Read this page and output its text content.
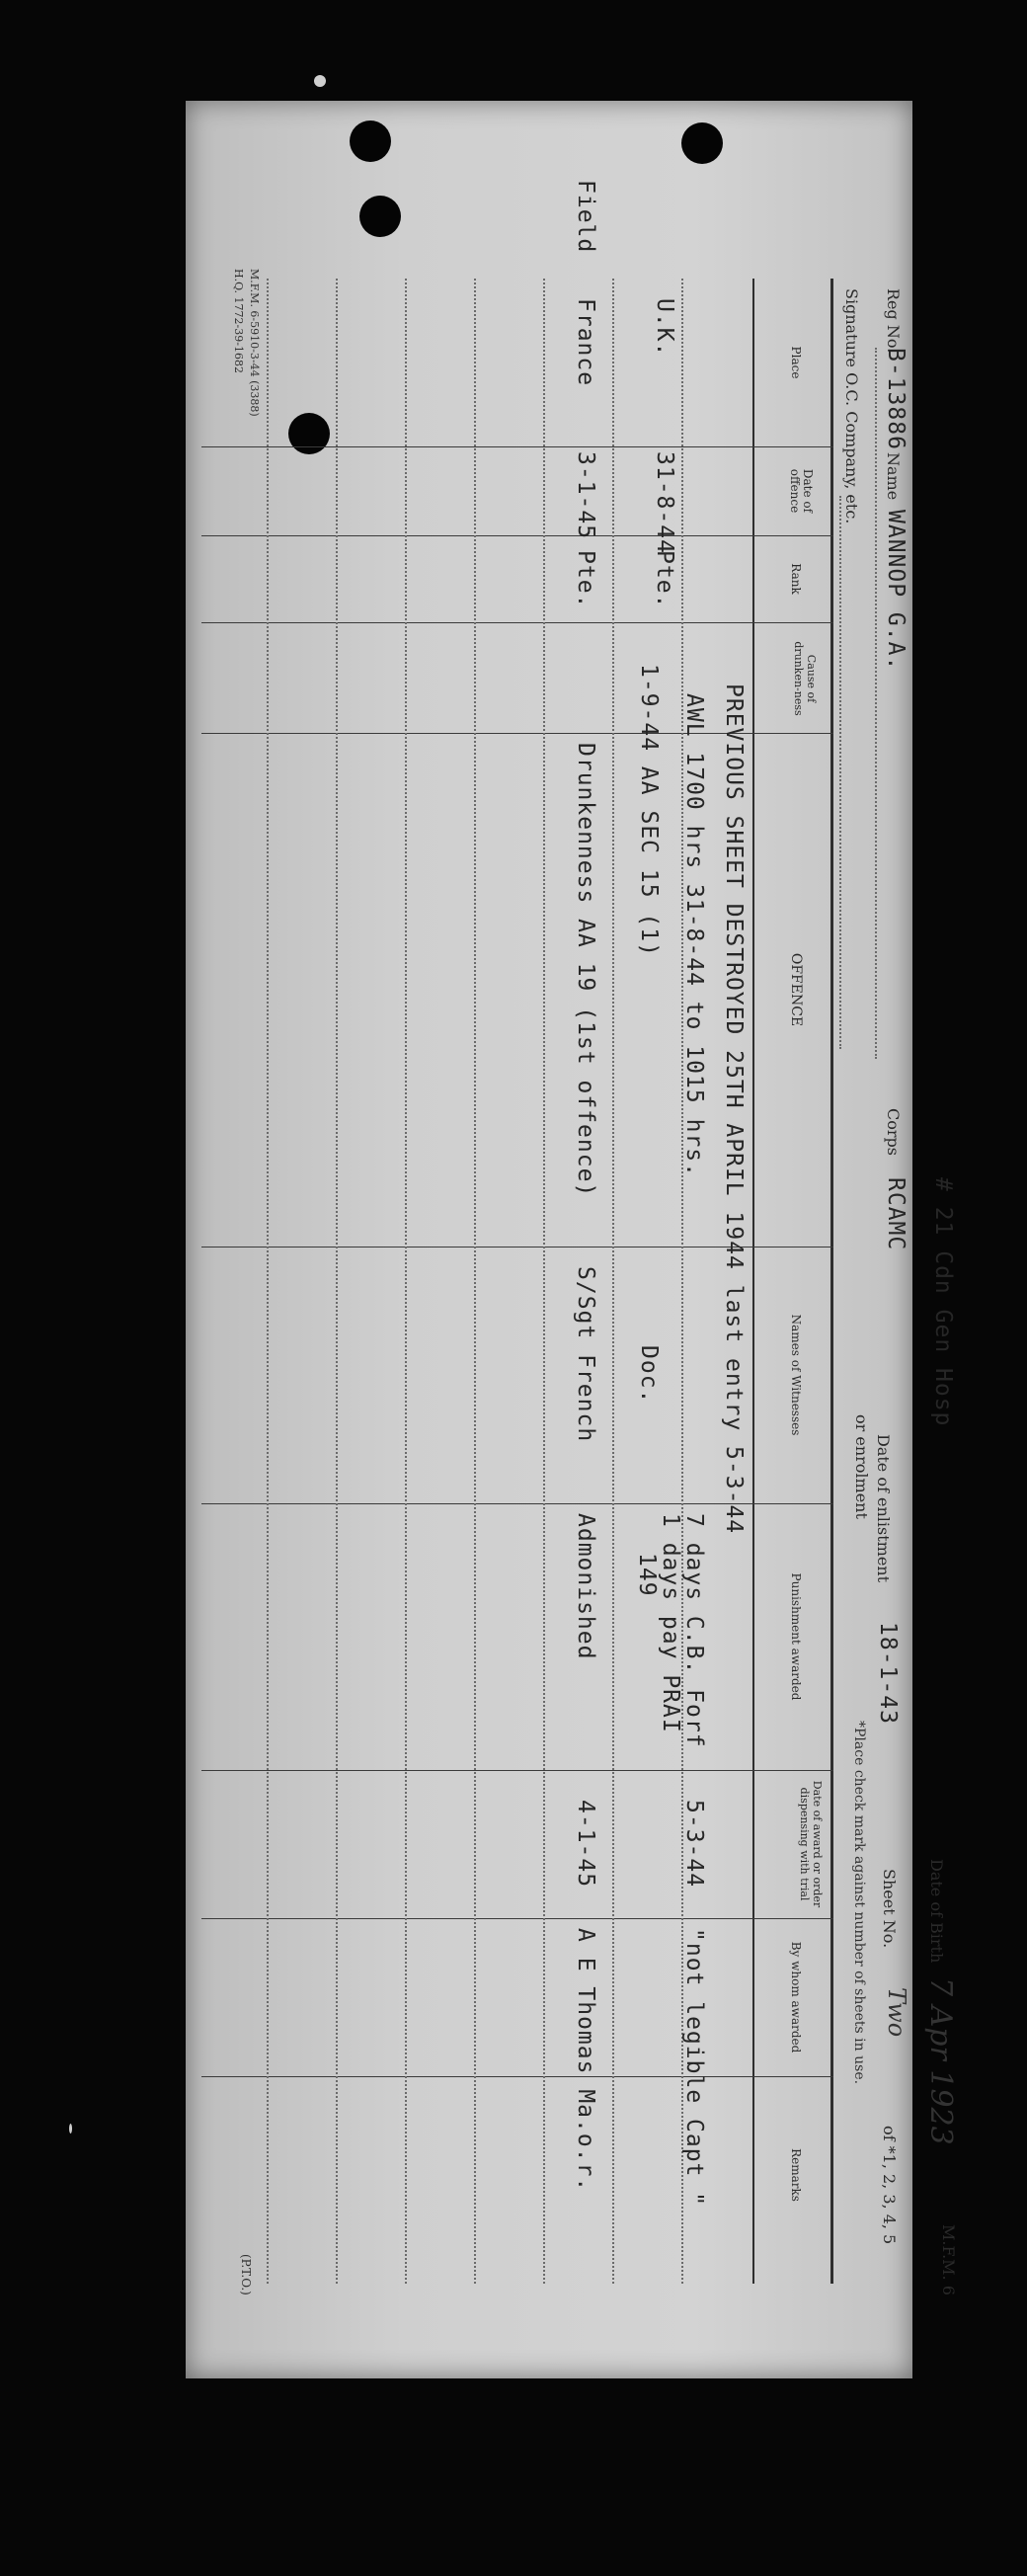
Reg No.
B-13886
Name
WANNOP G.A.
Signature O.C. Company, etc.
# 21 Cdn Gen Hosp
Corps
RCAMC
Date of enlistment
or enrolment
18-1-43
Date of Birth
7 Apr 1923
Sheet No.
Two
of *1, 2, 3, 4, 5
*Place check mark against number of sheets in use.
M.F.M. 6
Place
Date of offence
Rank
Cause of drunken-ness
OFFENCE
Names of Witnesses
Punishment awarded
Date of award or order dispensing with trial
By whom awarded
Remarks
PREVIOUS SHEET DESTROYED 25TH APRIL 1944 last entry 5-3-44
U.K.
31-8-44
Pte.
AWL 1700 hrs 31-8-44 to 1015 hrs.
1-9-44 AA SEC 15 (1)
Doc.
7 days C.B. Forf
1 days pay PRAI
149
5-3-44
"not legible Capt "
Field
France
3-1-45
Pte.
Drunkenness AA 19 (1st offence)
S/Sgt French
Admonished
4-1-45
A E Thomas Ma.o.r.
M.F.M. 6-5910-3-44 (3388)
H.Q. 1772-39-1682
(P.T.O.)
